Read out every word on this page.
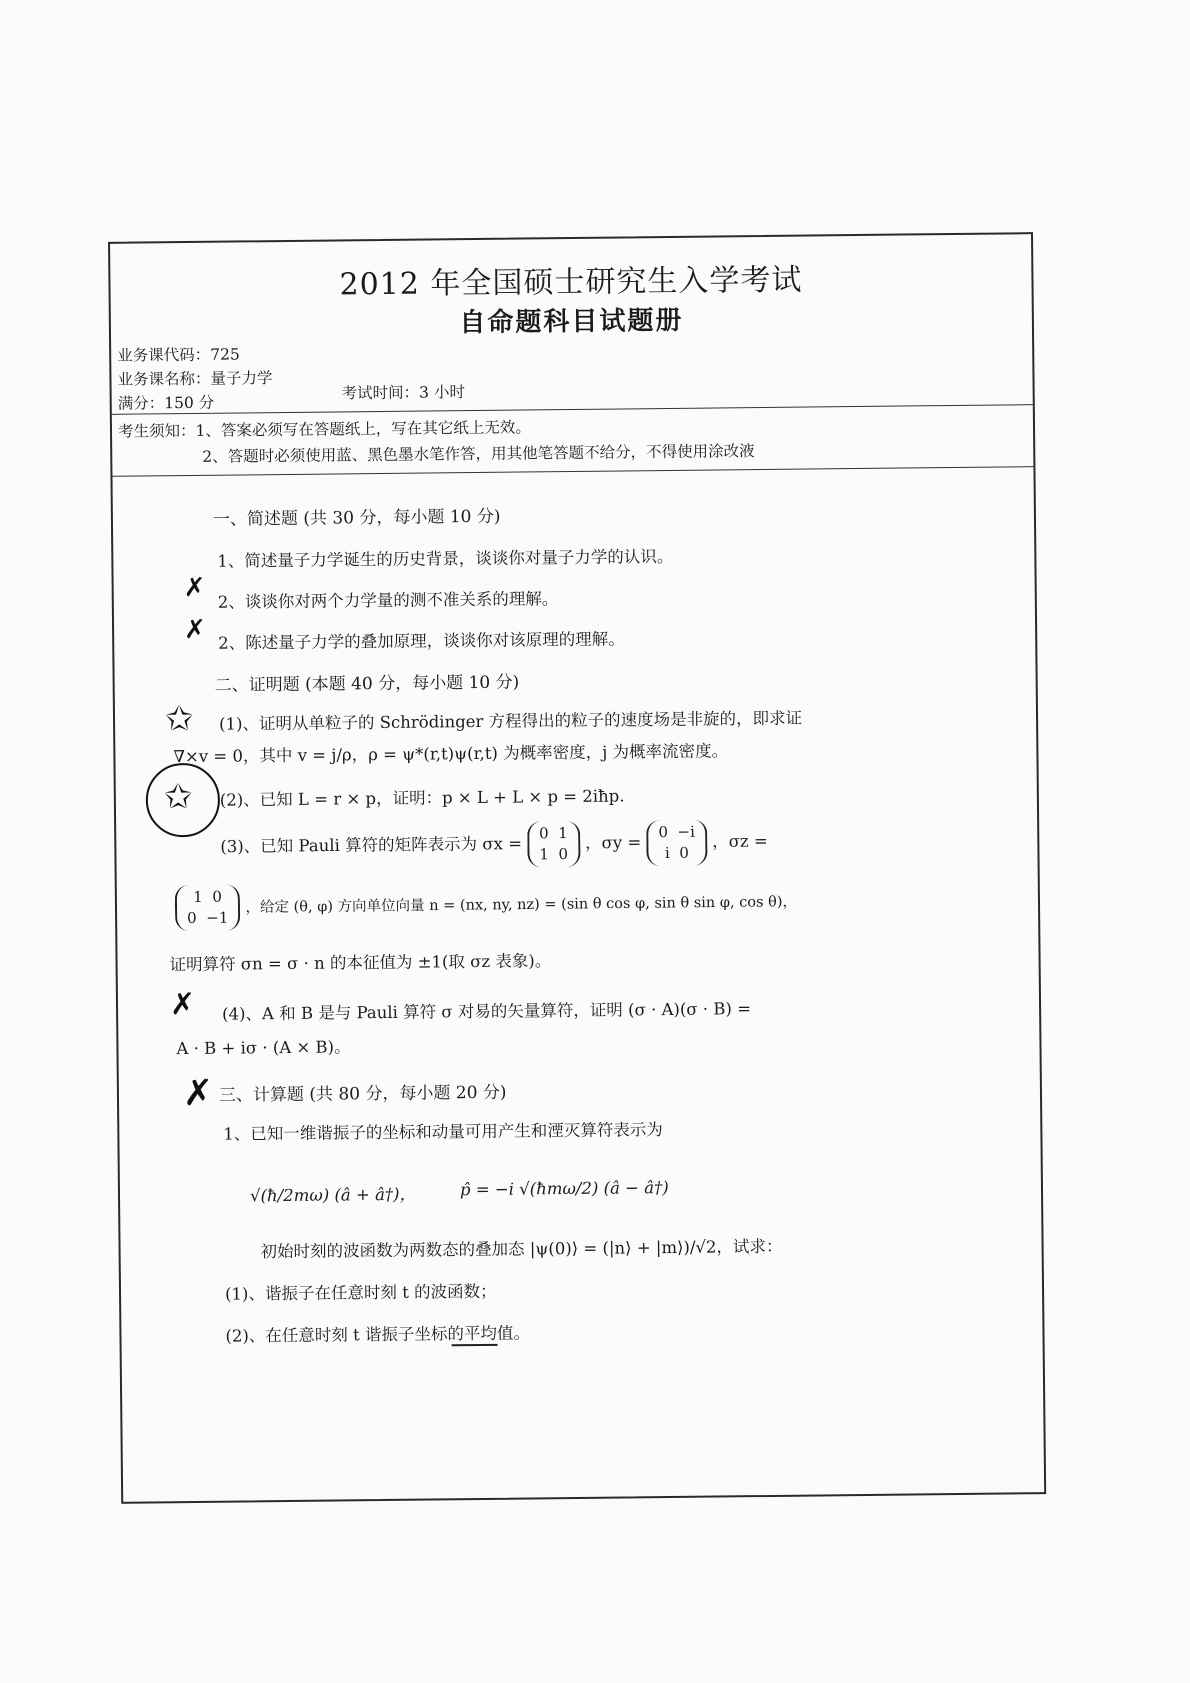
2012 年全国硕士研究生入学考试
自命题科目试题册
业务课代码：725
业务课名称：量子力学
满分：150 分
考试时间：3 小时
考生须知：1、答案必须写在答题纸上，写在其它纸上无效。
2、答题时必须使用蓝、黑色墨水笔作答，用其他笔答题不给分，不得使用涂改液
一、简述题 (共 30 分，每小题 10 分)
1、简述量子力学诞生的历史背景，谈谈你对量子力学的认识。
2、谈谈你对两个力学量的测不准关系的理解。
2、陈述量子力学的叠加原理，谈谈你对该原理的理解。
二、证明题 (本题 40 分，每小题 10 分)
(1)、证明从单粒子的 Schrödinger 方程得出的粒子的速度场是非旋的，即求证
∇×v = 0，其中 v = j/ρ，ρ = ψ*(r,t)ψ(r,t) 为概率密度，j 为概率流密度。
(2)、已知 L = r × p，证明：p × L + L × p = 2iħp.
(3)、已知 Pauli 算符的矩阵表示为 σx = 0 1
1 0 ，σy = 0 −i
i 0 ，σz =
1 0
0 −1 ，给定 (θ, φ) 方向单位向量 n = (nx, ny, nz) = (sin θ cos φ, sin θ sin φ, cos θ)，
证明算符 σn = σ · n 的本征值为 ±1(取 σz 表象)。
(4)、A 和 B 是与 Pauli 算符 σ 对易的矢量算符，证明 (σ · A)(σ · B) =
A · B + iσ · (A × B)。
三、计算题 (共 80 分，每小题 20 分)
1、已知一维谐振子的坐标和动量可用产生和湮灭算符表示为
√(ħ/2mω) (â + â†)，	p̂ = −i √(ħmω/2) (â − â†)
初始时刻的波函数为两数态的叠加态 |ψ(0)⟩ = (|n⟩ + |m⟩)/√2，试求：
(1)、谐振子在任意时刻 t 的波函数；
(2)、在任意时刻 t 谐振子坐标的平均值。
✗
✗
✩
✩
✗
✗
